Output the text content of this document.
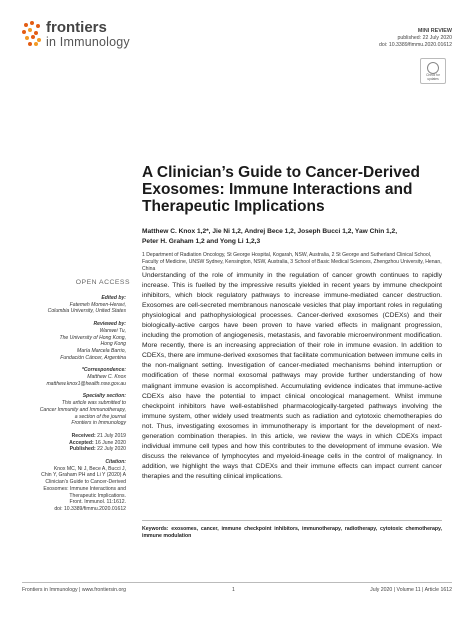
frontiers
in Immunology
MINI REVIEW
published: 22 July 2020
doi: 10.3389/fimmu.2020.01612
Check for
updates
A Clinician’s Guide to Cancer-Derived Exosomes: Immune Interactions and Therapeutic Implications
Matthew C. Knox 1,2*, Jie Ni 1,2, Andrej Bece 1,2, Joseph Bucci 1,2, Yaw Chin 1,2,
Peter H. Graham 1,2 and Yong Li 1,2,3
1 Department of Radiation Oncology, St George Hospital, Kogarah, NSW, Australia, 2 St George and Sutherland Clinical School, Faculty of Medicine, UNSW Sydney, Kensington, NSW, Australia, 3 School of Basic Medical Sciences, Zhengzhou University, Henan, China
OPEN ACCESS
Edited by:
Fatemeh Momen-Heravi,
Columbia University, United States
Reviewed by:
Wanwei Tu,
The University of Hong Kong,
Hong Kong
María Marcela Barrio,
Fundación Cáncer, Argentina
*Correspondence:
Matthew C. Knox
matthew.knox1@health.nsw.gov.au
Specialty section:
This article was submitted to
Cancer Immunity and Immunotherapy,
a section of the journal
Frontiers in Immunology
Received: 21 July 2019
Accepted: 16 June 2020
Published: 22 July 2020
Citation:
Knox MC, Ni J, Bece A, Bucci J,
Chin Y, Graham PH and Li Y (2020) A
Clinician’s Guide to Cancer-Derived
Exosomes: Immune Interactions and
Therapeutic Implications.
Front. Immunol. 11:1612.
doi: 10.3389/fimmu.2020.01612
Understanding of the role of immunity in the regulation of cancer growth continues to rapidly increase. This is fuelled by the impressive results yielded in recent years by immune checkpoint inhibitors, which block regulatory pathways to increase immune-mediated cancer destruction. Exosomes are cell-secreted membranous nanoscale vesicles that play important roles in regulating physiological and pathophysiological processes. Cancer-derived exosomes (CDEXs) and their biologically-active cargos have been proven to have varied effects in malignant progression, including the promotion of angiogenesis, metastasis, and favorable microenvironment modification. More recently, there is an increasing appreciation of their role in immune evasion. In addition to CDEXs, there are immune-derived exosomes that facilitate communication between immune cells in the non-malignant setting. Investigation of cancer-mediated mechanisms behind interruption or modification of these normal exosomal pathways may provide further understanding of how malignant immune evasion is accomplished. Accumulating evidence indicates that immune-active CDEXs also have the potential to impact clinical oncological management. Whilst immune checkpoint inhibitors have well-established pharmacologically-targeted pathways involving the immune system, other widely used treatments such as radiation and cytotoxic chemotherapies do not. Thus, investigating exosomes in immunotherapy is important for the development of next-generation combination therapies. In this article, we review the ways in which CDEXs impact individual immune cell types and how this contributes to the development of immune evasion. We discuss the relevance of lymphocytes and myeloid-lineage cells in the control of malignancy. In addition, we highlight the ways that CDEXs and their immune effects can impact current cancer therapies and the resulting clinical implications.
Keywords: exosomes, cancer, immune checkpoint inhibitors, immunotherapy, radiotherapy, cytotoxic chemotherapy, immune modulation
Frontiers in Immunology | www.frontiersin.org	1	July 2020 | Volume 11 | Article 1612
